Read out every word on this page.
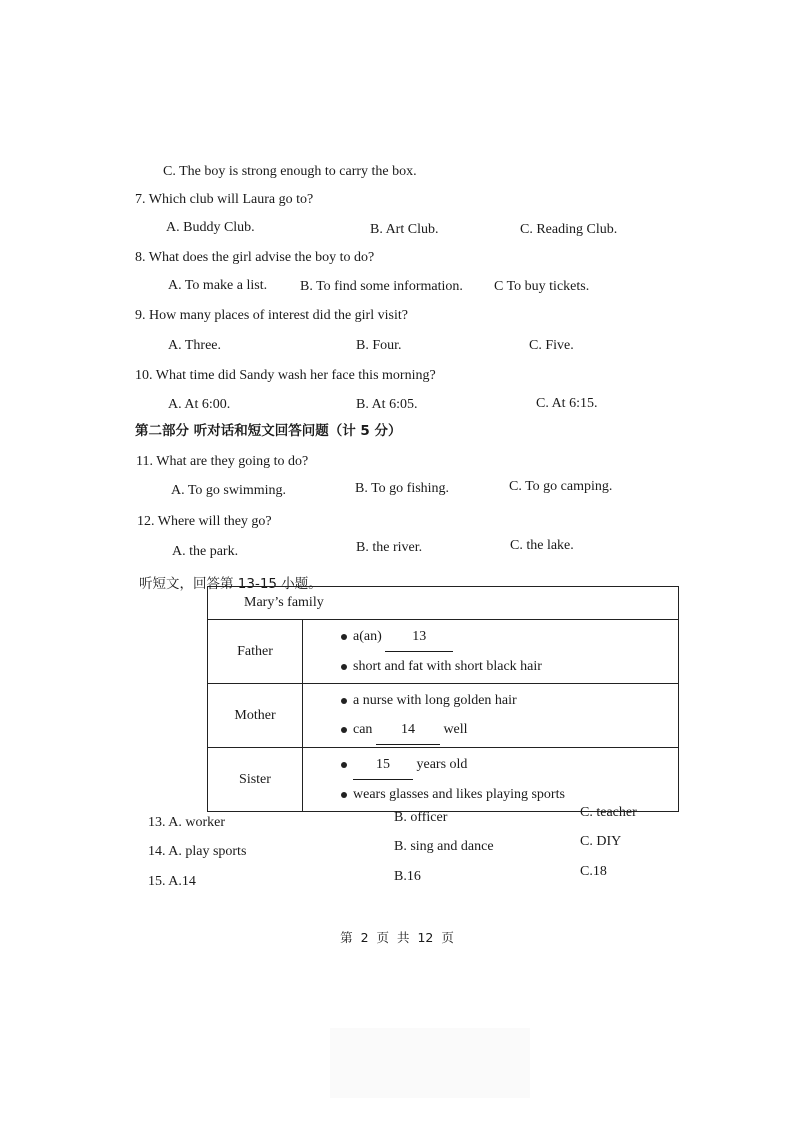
C. The boy is strong enough to carry the box.
7. Which club will Laura go to?
A. Buddy Club.	B. Art Club.	C. Reading Club.
8. What does the girl advise the boy to do?
A. To make a list. B. To find some information. C To buy tickets.
9. How many places of interest did the girl visit?
A. Three.	B. Four.	C. Five.
10. What time did Sandy wash her face this morning?
A. At 6:00.	B. At 6:05.	C. At 6:15.
第二部分 听对话和短文回答问题（计 5 分）
11. What are they going to do?
A. To go swimming.	B. To go fishing.	C. To go camping.
12. Where will they go?
A. the park.	B. the river.	C. the lake.
听短文，回答第 13-15 小题。
Mary’s family	
Father	a(an) 13
short and fat with short black hair

Mother	a nurse with long golden hair
can 14 well

Sister	15 years old
wears glasses and likes playing sports
13. A. worker	B. officer	C. teacher
14. A. play sports	B. sing and dance	C. DIY
15. A.14	B.16	C.18
第 2 页 共 12 页
